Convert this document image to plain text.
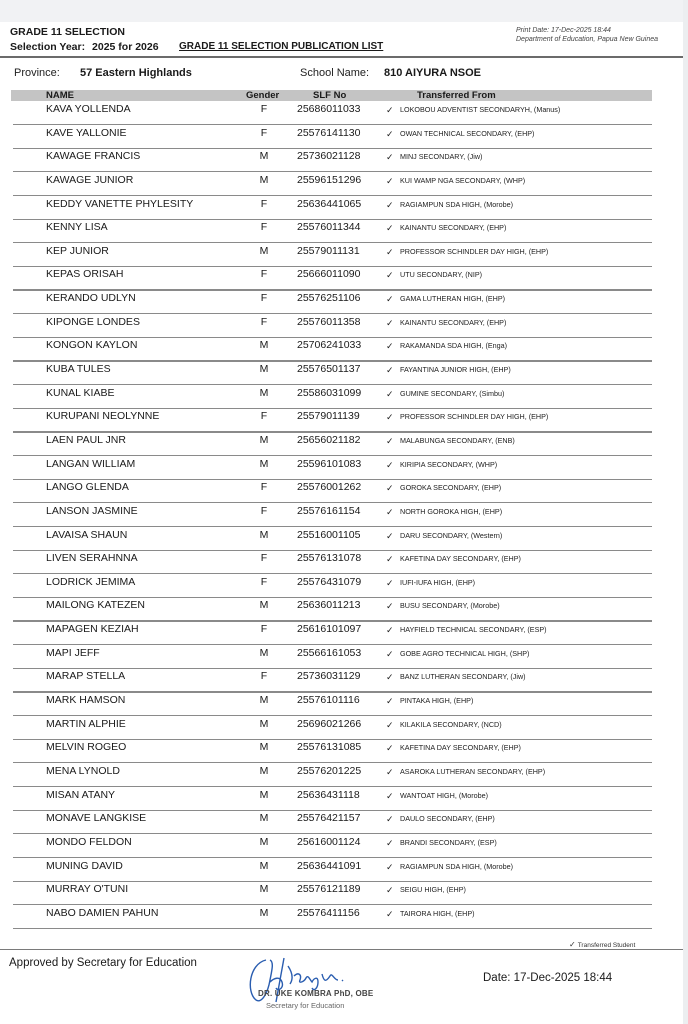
GRADE 11 SELECTION
Selection Year: 2025 for 2026 GRADE 11 SELECTION PUBLICATION LIST
Print Date: 17-Dec-2025 18:44
Department of Education, Papua New Guinea
Province: 57 Eastern Highlands	School Name: 810 AIYURA NSOE
NAME	Gender	SLF No	Transferred From
KAVA YOLLENDA	F	25686011033	✓ LOKOBOU ADVENTIST SECONDARYH, (Manus)
KAVE YALLONIE	F	25576141130	✓ OWAN TECHNICAL SECONDARY, (EHP)
KAWAGE FRANCIS	M	25736021128	✓ MINJ SECONDARY, (Jiw)
KAWAGE JUNIOR	M	25596151296	✓ KUI WAMP NGA SECONDARY, (WHP)
KEDDY VANETTE PHYLESITY	F	25636441065	✓ RAGIAMPUN SDA HIGH, (Morobe)
KENNY LISA	F	25576011344	✓ KAINANTU SECONDARY, (EHP)
KEP JUNIOR	M	25579011131	✓ PROFESSOR SCHINDLER DAY HIGH, (EHP)
KEPAS ORISAH	F	25666011090	✓ UTU SECONDARY, (NIP)
KERANDO UDLYN	F	25576251106	✓ GAMA LUTHERAN HIGH, (EHP)
KIPONGE LONDES	F	25576011358	✓ KAINANTU SECONDARY, (EHP)
KONGON KAYLON	M	25706241033	✓ RAKAMANDA SDA HIGH, (Enga)
KUBA TULES	M	25576501137	✓ FAYANTINA JUNIOR HIGH, (EHP)
KUNAL KIABE	M	25586031099	✓ GUMINE SECONDARY, (Simbu)
KURUPANI NEOLYNNE	F	25579011139	✓ PROFESSOR SCHINDLER DAY HIGH, (EHP)
LAEN PAUL JNR	M	25656021182	✓ MALABUNGA SECONDARY, (ENB)
LANGAN WILLIAM	M	25596101083	✓ KIRIPIA SECONDARY, (WHP)
LANGO GLENDA	F	25576001262	✓ GOROKA SECONDARY, (EHP)
LANSON JASMINE	F	25576161154	✓ NORTH GOROKA HIGH, (EHP)
LAVAISA SHAUN	M	25516001105	✓ DARU SECONDARY, (Western)
LIVEN SERAHNNA	F	25576131078	✓ KAFETINA DAY SECONDARY, (EHP)
LODRICK JEMIMA	F	25576431079	✓ IUFI-IUFA HIGH, (EHP)
MAILONG KATEZEN	M	25636011213	✓ BUSU SECONDARY, (Morobe)
MAPAGEN KEZIAH	F	25616101097	✓ HAYFIELD TECHNICAL SECONDARY, (ESP)
MAPI JEFF	M	25566161053	✓ GOBE AGRO TECHNICAL HIGH, (SHP)
MARAP STELLA	F	25736031129	✓ BANZ LUTHERAN SECONDARY, (Jiw)
MARK HAMSON	M	25576101116	✓ PINTAKA HIGH, (EHP)
MARTIN ALPHIE	M	25696021266	✓ KILAKILA SECONDARY, (NCD)
MELVIN ROGEO	M	25576131085	✓ KAFETINA DAY SECONDARY, (EHP)
MENA LYNOLD	M	25576201225	✓ ASAROKA LUTHERAN SECONDARY, (EHP)
MISAN ATANY	M	25636431118	✓ WANTOAT HIGH, (Morobe)
MONAVE LANGKISE	M	25576421157	✓ DAULO SECONDARY, (EHP)
MONDO FELDON	M	25616001124	✓ BRANDI SECONDARY, (ESP)
MUNING DAVID	M	25636441091	✓ RAGIAMPUN SDA HIGH, (Morobe)
MURRAY O'TUNI	M	25576121189	✓ SEIGU HIGH, (EHP)
NABO DAMIEN PAHUN	M	25576411156	✓ TAIRORA HIGH, (EHP)
✓ Transferred Student
Approved by Secretary for Education
DR. UKE KOMBRA PhD, OBE
Secretary for Education
Date: 17-Dec-2025 18:44
